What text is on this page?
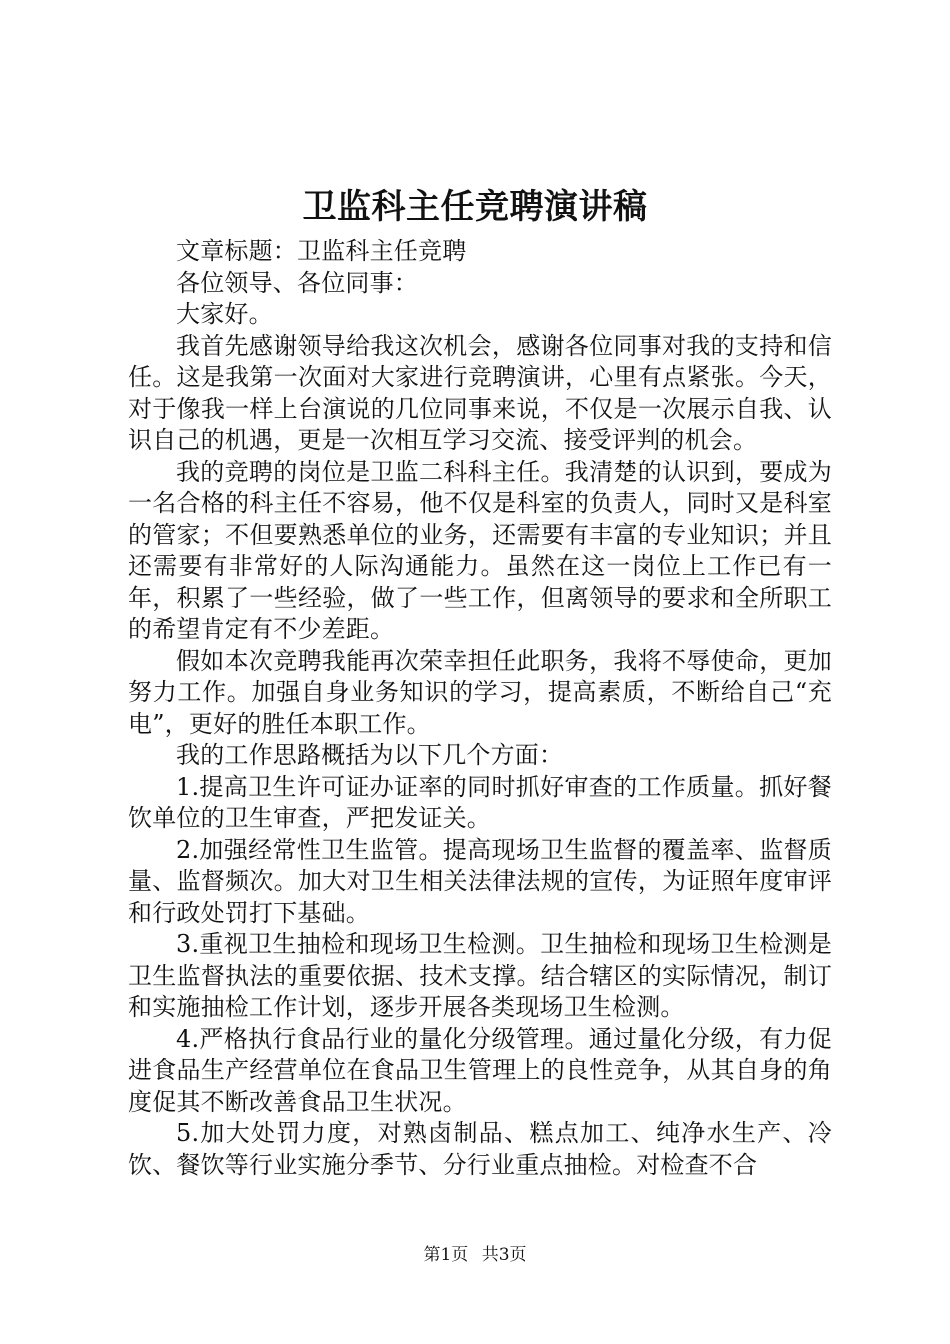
卫监科主任竞聘演讲稿

文章标题：卫监科主任竞聘

各位领导、各位同事：

大家好。

我首先感谢领导给我这次机会，感谢各位同事对我的支持和信任。这是我第一次面对大家进行竞聘演讲，心里有点紧张。今天，对于像我一样上台演说的几位同事来说，不仅是一次展示自我、认识自己的机遇，更是一次相互学习交流、接受评判的机会。

我的竞聘的岗位是卫监二科科主任。我清楚的认识到，要成为一名合格的科主任不容易，他不仅是科室的负责人，同时又是科室的管家；不但要熟悉单位的业务，还需要有丰富的专业知识；并且还需要有非常好的人际沟通能力。虽然在这一岗位上工作已有一年，积累了一些经验，做了一些工作，但离领导的要求和全所职工的希望肯定有不少差距。

假如本次竞聘我能再次荣幸担任此职务，我将不辱使命，更加努力工作。加强自身业务知识的学习，提高素质，不断给自己“充电”，更好的胜任本职工作。

我的工作思路概括为以下几个方面：

1.提高卫生许可证办证率的同时抓好审查的工作质量。抓好餐饮单位的卫生审查，严把发证关。

2.加强经常性卫生监管。提高现场卫生监督的覆盖率、监督质量、监督频次。加大对卫生相关法律法规的宣传，为证照年度审评和行政处罚打下基础。

3.重视卫生抽检和现场卫生检测。卫生抽检和现场卫生检测是卫生监督执法的重要依据、技术支撑。结合辖区的实际情况，制订和实施抽检工作计划，逐步开展各类现场卫生检测。

4.严格执行食品行业的量化分级管理。通过量化分级，有力促进食品生产经营单位在食品卫生管理上的良性竞争，从其自身的角度促其不断改善食品卫生状况。

5.加大处罚力度，对熟卤制品、糕点加工、纯净水生产、冷饮、餐饮等行业实施分季节、分行业重点抽检。对检查不合

第1页 共3页
